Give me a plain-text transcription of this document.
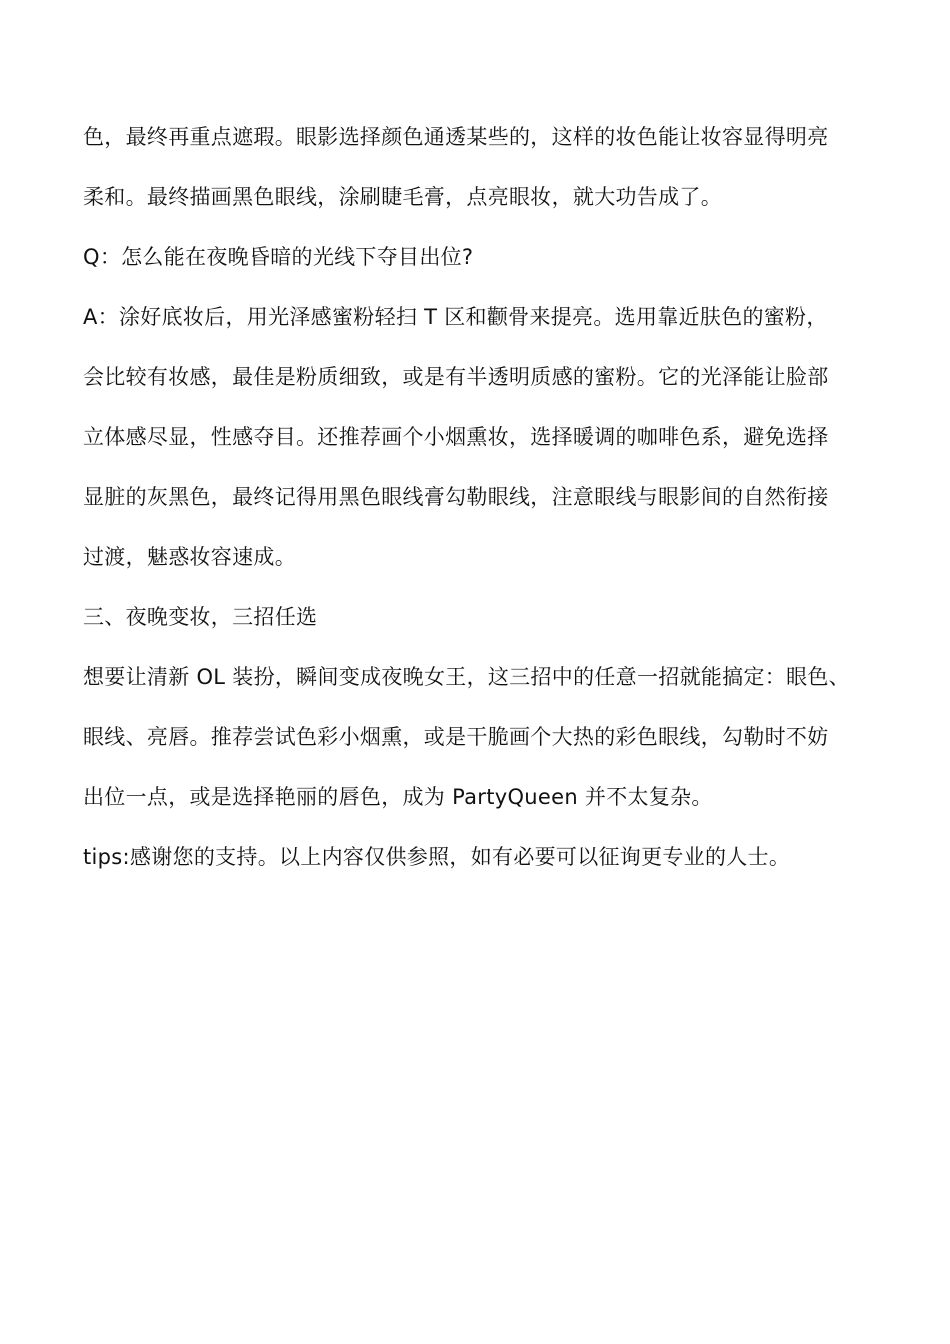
色，最终再重点遮瑕。眼影选择颜色通透某些的，这样的妆色能让妆容显得明亮
柔和。最终描画黑色眼线，涂刷睫毛膏，点亮眼妆，就大功告成了。
Q：怎么能在夜晚昏暗的光线下夺目出位?
A：涂好底妆后，用光泽感蜜粉轻扫 T 区和颧骨来提亮。选用靠近肤色的蜜粉，
会比较有妆感，最佳是粉质细致，或是有半透明质感的蜜粉。它的光泽能让脸部
立体感尽显，性感夺目。还推荐画个小烟熏妆，选择暖调的咖啡色系，避免选择
显脏的灰黑色，最终记得用黑色眼线膏勾勒眼线，注意眼线与眼影间的自然衔接
过渡，魅惑妆容速成。
三、夜晚变妆，三招任选
想要让清新 OL 装扮，瞬间变成夜晚女王，这三招中的任意一招就能搞定：眼色、
眼线、亮唇。推荐尝试色彩小烟熏，或是干脆画个大热的彩色眼线，勾勒时不妨
出位一点，或是选择艳丽的唇色，成为 PartyQueen 并不太复杂。
tips:感谢您的支持。以上内容仅供参照，如有必要可以征询更专业的人士。
